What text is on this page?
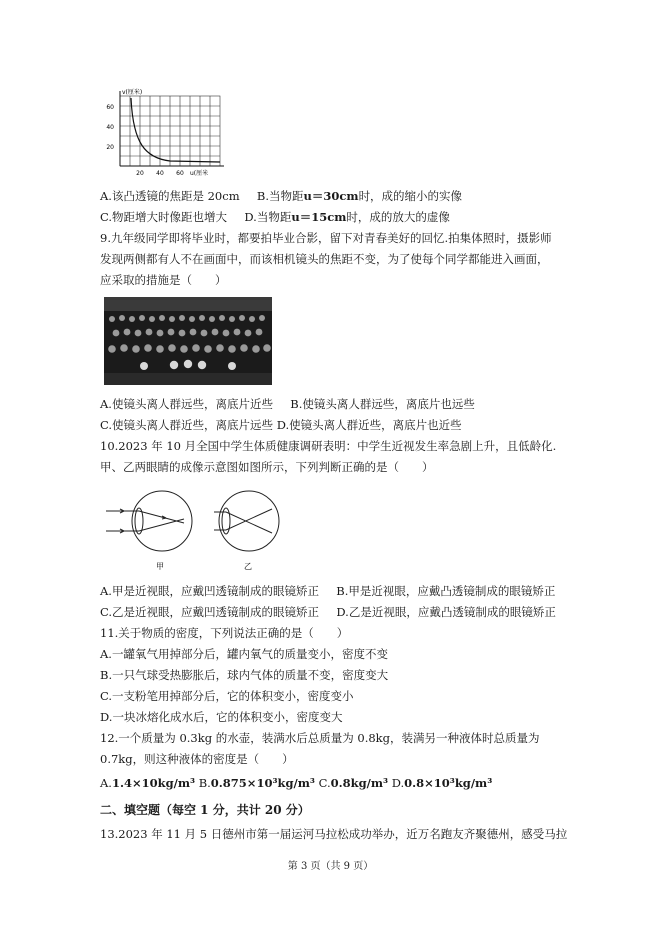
v(厘米)
60
40
20
20 40 60 u(厘米
A.该凸透镜的焦距是 20cm B.当物距u＝30cm时，成的缩小的实像
C.物距增大时像距也增大 D.当物距u＝15cm时，成的放大的虚像
9.九年级同学即将毕业时，都要拍毕业合影，留下对青春美好的回忆.拍集体照时，摄影师
发现两侧都有人不在画面中，而该相机镜头的焦距不变，为了使每个同学都能进入画面，
应采取的措施是（　　）
A.使镜头离人群远些，离底片近些 B.使镜头离人群远些，离底片也远些
C.使镜头离人群近些，离底片远些 D.使镜头离人群近些，离底片也近些
10.2023 年 10 月全国中学生体质健康调研表明：中学生近视发生率急剧上升，且低龄化.
甲、乙两眼睛的成像示意图如图所示，下列判断正确的是（　　）
甲	乙
A.甲是近视眼，应戴凹透镜制成的眼镜矫正 B.甲是近视眼，应戴凸透镜制成的眼镜矫正
C.乙是近视眼，应戴凹透镜制成的眼镜矫正 D.乙是近视眼，应戴凸透镜制成的眼镜矫正
11.关于物质的密度，下列说法正确的是（　　）
A.一罐氧气用掉部分后，罐内氧气的质量变小，密度不变
B.一只气球受热膨胀后，球内气体的质量不变，密度变大
C.一支粉笔用掉部分后，它的体积变小，密度变小
D.一块冰熔化成水后，它的体积变小，密度变大
12.一个质量为 0.3kg 的水壶，装满水后总质量为 0.8kg，装满另一种液体时总质量为
0.7kg，则这种液体的密度是（　　）
A.1.4×10kg/m³ B.0.875×10³kg/m³ C.0.8kg/m³ D.0.8×10³kg/m³
二、填空题（每空 1 分，共计 20 分）
13.2023 年 11 月 5 日德州市第一届运河马拉松成功举办，近万名跑友齐聚德州，感受马拉
第 3 页（共 9 页）
